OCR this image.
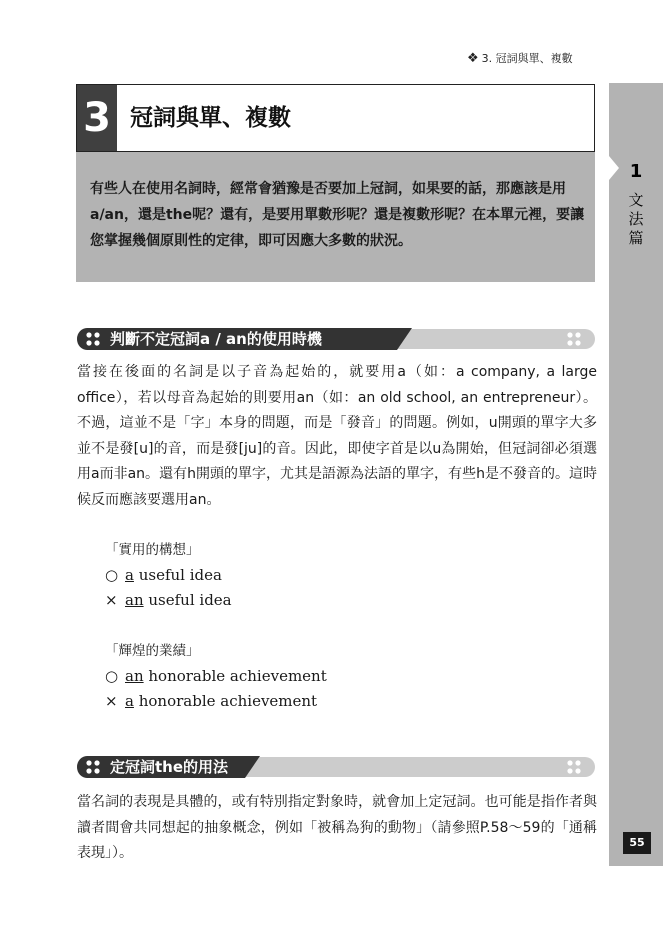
❖ 3. 冠詞與單、複數
1
文法篇
55
3 冠詞與單、複數
有些人在使用名詞時，經常會猶豫是否要加上冠詞，如果要的話，那應該是用a/an，還是the呢？還有，是要用單數形呢？還是複數形呢？在本單元裡，要讓您掌握幾個原則性的定律，即可因應大多數的狀況。
判斷不定冠詞a / an的使用時機

當接在後面的名詞是以子音為起始的，就要用a（如：a company, a large office），若以母音為起始的則要用an（如：an old school, an entrepreneur）。不過，這並不是「字」本身的問題，而是「發音」的問題。例如，u開頭的單字大多並不是發[u]的音，而是發[ju]的音。因此，即使字首是以u為開始，但冠詞卻必須選用a而非an。還有h開頭的單字，尤其是語源為法語的單字，有些h是不發音的。這時候反而應該要選用an。

「實用的構想」
○ a useful idea
× an useful idea
「輝煌的業績」
○ an honorable achievement
× a honorable achievement
定冠詞the的用法

當名詞的表現是具體的，或有特別指定對象時，就會加上定冠詞。也可能是指作者與讀者間會共同想起的抽象概念，例如「被稱為狗的動物」（請參照P.58～59的「通稱表現」）。
